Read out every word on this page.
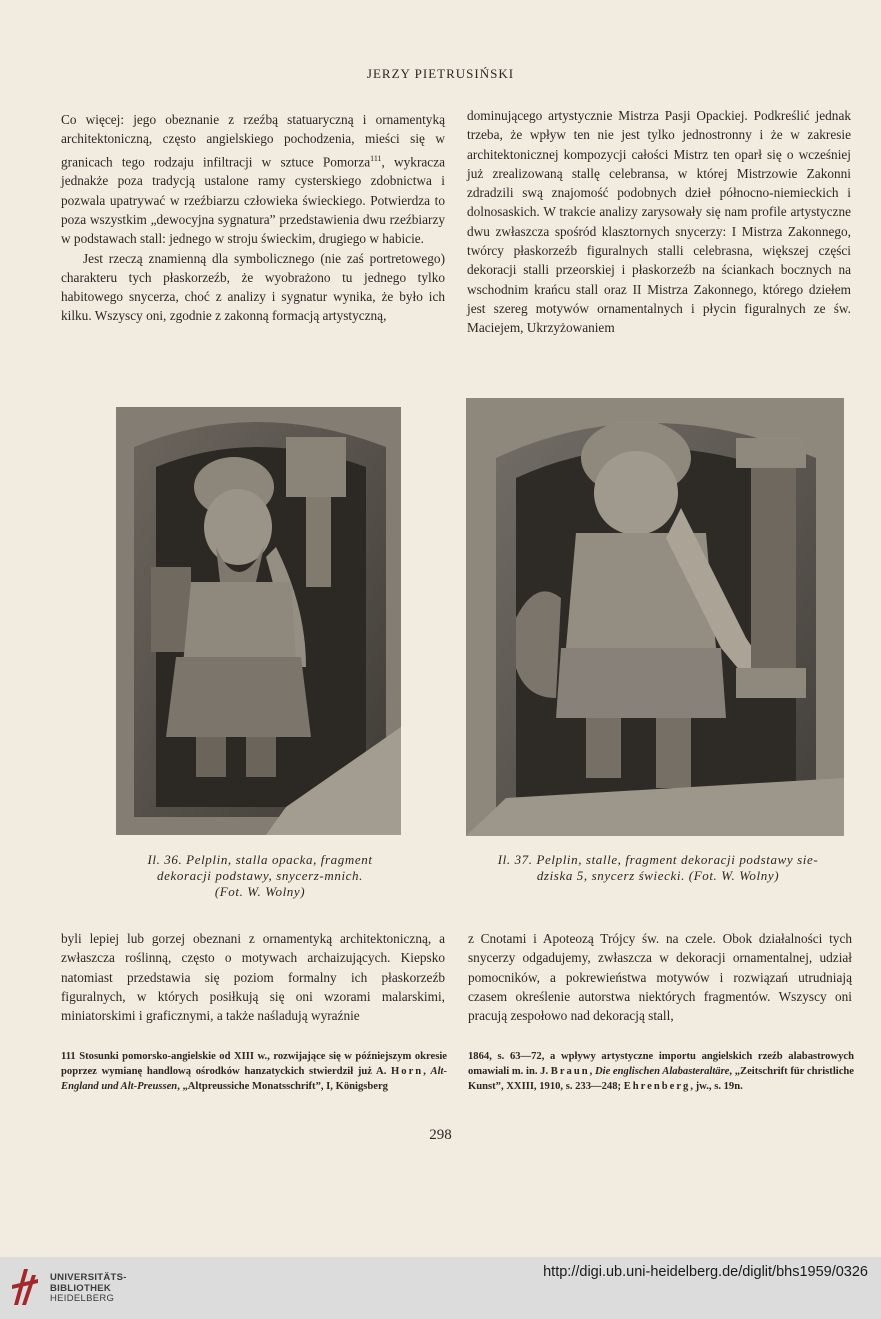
JERZY PIETRUSIŃSKI

Co więcej: jego obeznanie z rzeźbą statuaryczną i ornamentyką architektoniczną, często angielskiego pochodzenia, mieści się w granicach tego rodzaju infiltracji w sztuce Pomorza$^{111}$, wykracza jednakże poza tradycją ustalone ramy cysterskiego zdobnictwa i pozwala upatrywać w rzeźbiarzu człowieka świeckiego. Potwierdza to poza wszystkim „dewocyjna sygnatura” przedstawienia dwu rzeźbiarzy w podstawach stall: jednego w stroju świeckim, drugiego w habicie.

Jest rzeczą znamienną dla symbolicznego (nie zaś portretowego) charakteru tych płaskorzeźb, że wyobrażono tu jednego tylko habitowego snycerza, choć z analizy i sygnatur wynika, że było ich kilku. Wszyscy oni, zgodnie z zakonną formacją artystyczną,

dominującego artystycznie Mistrza Pasji Opackiej. Podkreślić jednak trzeba, że wpływ ten nie jest tylko jednostronny i że w zakresie architektonicznej kompozycji całości Mistrz ten oparł się o wcześniej już zrealizowaną stallę celebransa, w której Mistrzowie Zakonni zdradzili swą znajomość podobnych dzieł północno-niemieckich i dolnosaskich. W trakcie analizy zarysowały się nam profile artystyczne dwu zwłaszcza spośród klasztornych snycerzy: I Mistrza Zakonnego, twórcy płaskorzeźb figuralnych stalli celebrasna, większej części dekoracji stalli przeorskiej i płaskorzeźb na ściankach bocznych na wschodnim krańcu stall oraz II Mistrza Zakonnego, którego dziełem jest szereg motywów ornamentalnych i płycin figuralnych ze św. Maciejem, Ukrzyżowaniem

Il. 36. Pelplin, stalla opacka, fragment
dekoracji podstawy, snycerz-mnich.
(Fot. W. Wolny)
Il. 37. Pelplin, stalle, fragment dekoracji podstawy sie-
dziska 5, snycerz świecki. (Fot. W. Wolny)

byli lepiej lub gorzej obeznani z ornamentyką architektoniczną, a zwłaszcza roślinną, często o motywach archaizujących. Kiepsko natomiast przedstawia się poziom formalny ich płaskorzeźb figuralnych, w których posiłkują się oni wzorami malarskimi, miniatorskimi i graficznymi, a także naśladują wyraźnie

z Cnotami i Apoteozą Trójcy św. na czele. Obok działalności tych snycerzy odgadujemy, zwłaszcza w dekoracji ornamentalnej, udział pomocników, a pokrewieństwa motywów i rozwiązań utrudniają czasem określenie autorstwa niektórych fragmentów. Wszyscy oni pracują zespołowo nad dekoracją stall,

111 Stosunki pomorsko-angielskie od XIII w., rozwijające się w późniejszym okresie poprzez wymianę handlową ośrodków hanzatyckich stwierdził już A. Horn, Alt-England und Alt-Preussen, „Altpreussiche Monatsschrift”, I, Königsberg
1864, s. 63—72, a wpływy artystyczne importu angielskich rzeźb alabastrowych omawiali m. in. J. Braun, Die englischen Alabasteraltäre, „Zeitschrift für christliche Kunst”, XXIII, 1910, s. 233—248; Ehrenberg, jw., s. 19n.
298
UNIVERSITÄTS-
BIBLIOTHEK
HEIDELBERG
http://digi.ub.uni-heidelberg.de/diglit/bhs1959/0326
